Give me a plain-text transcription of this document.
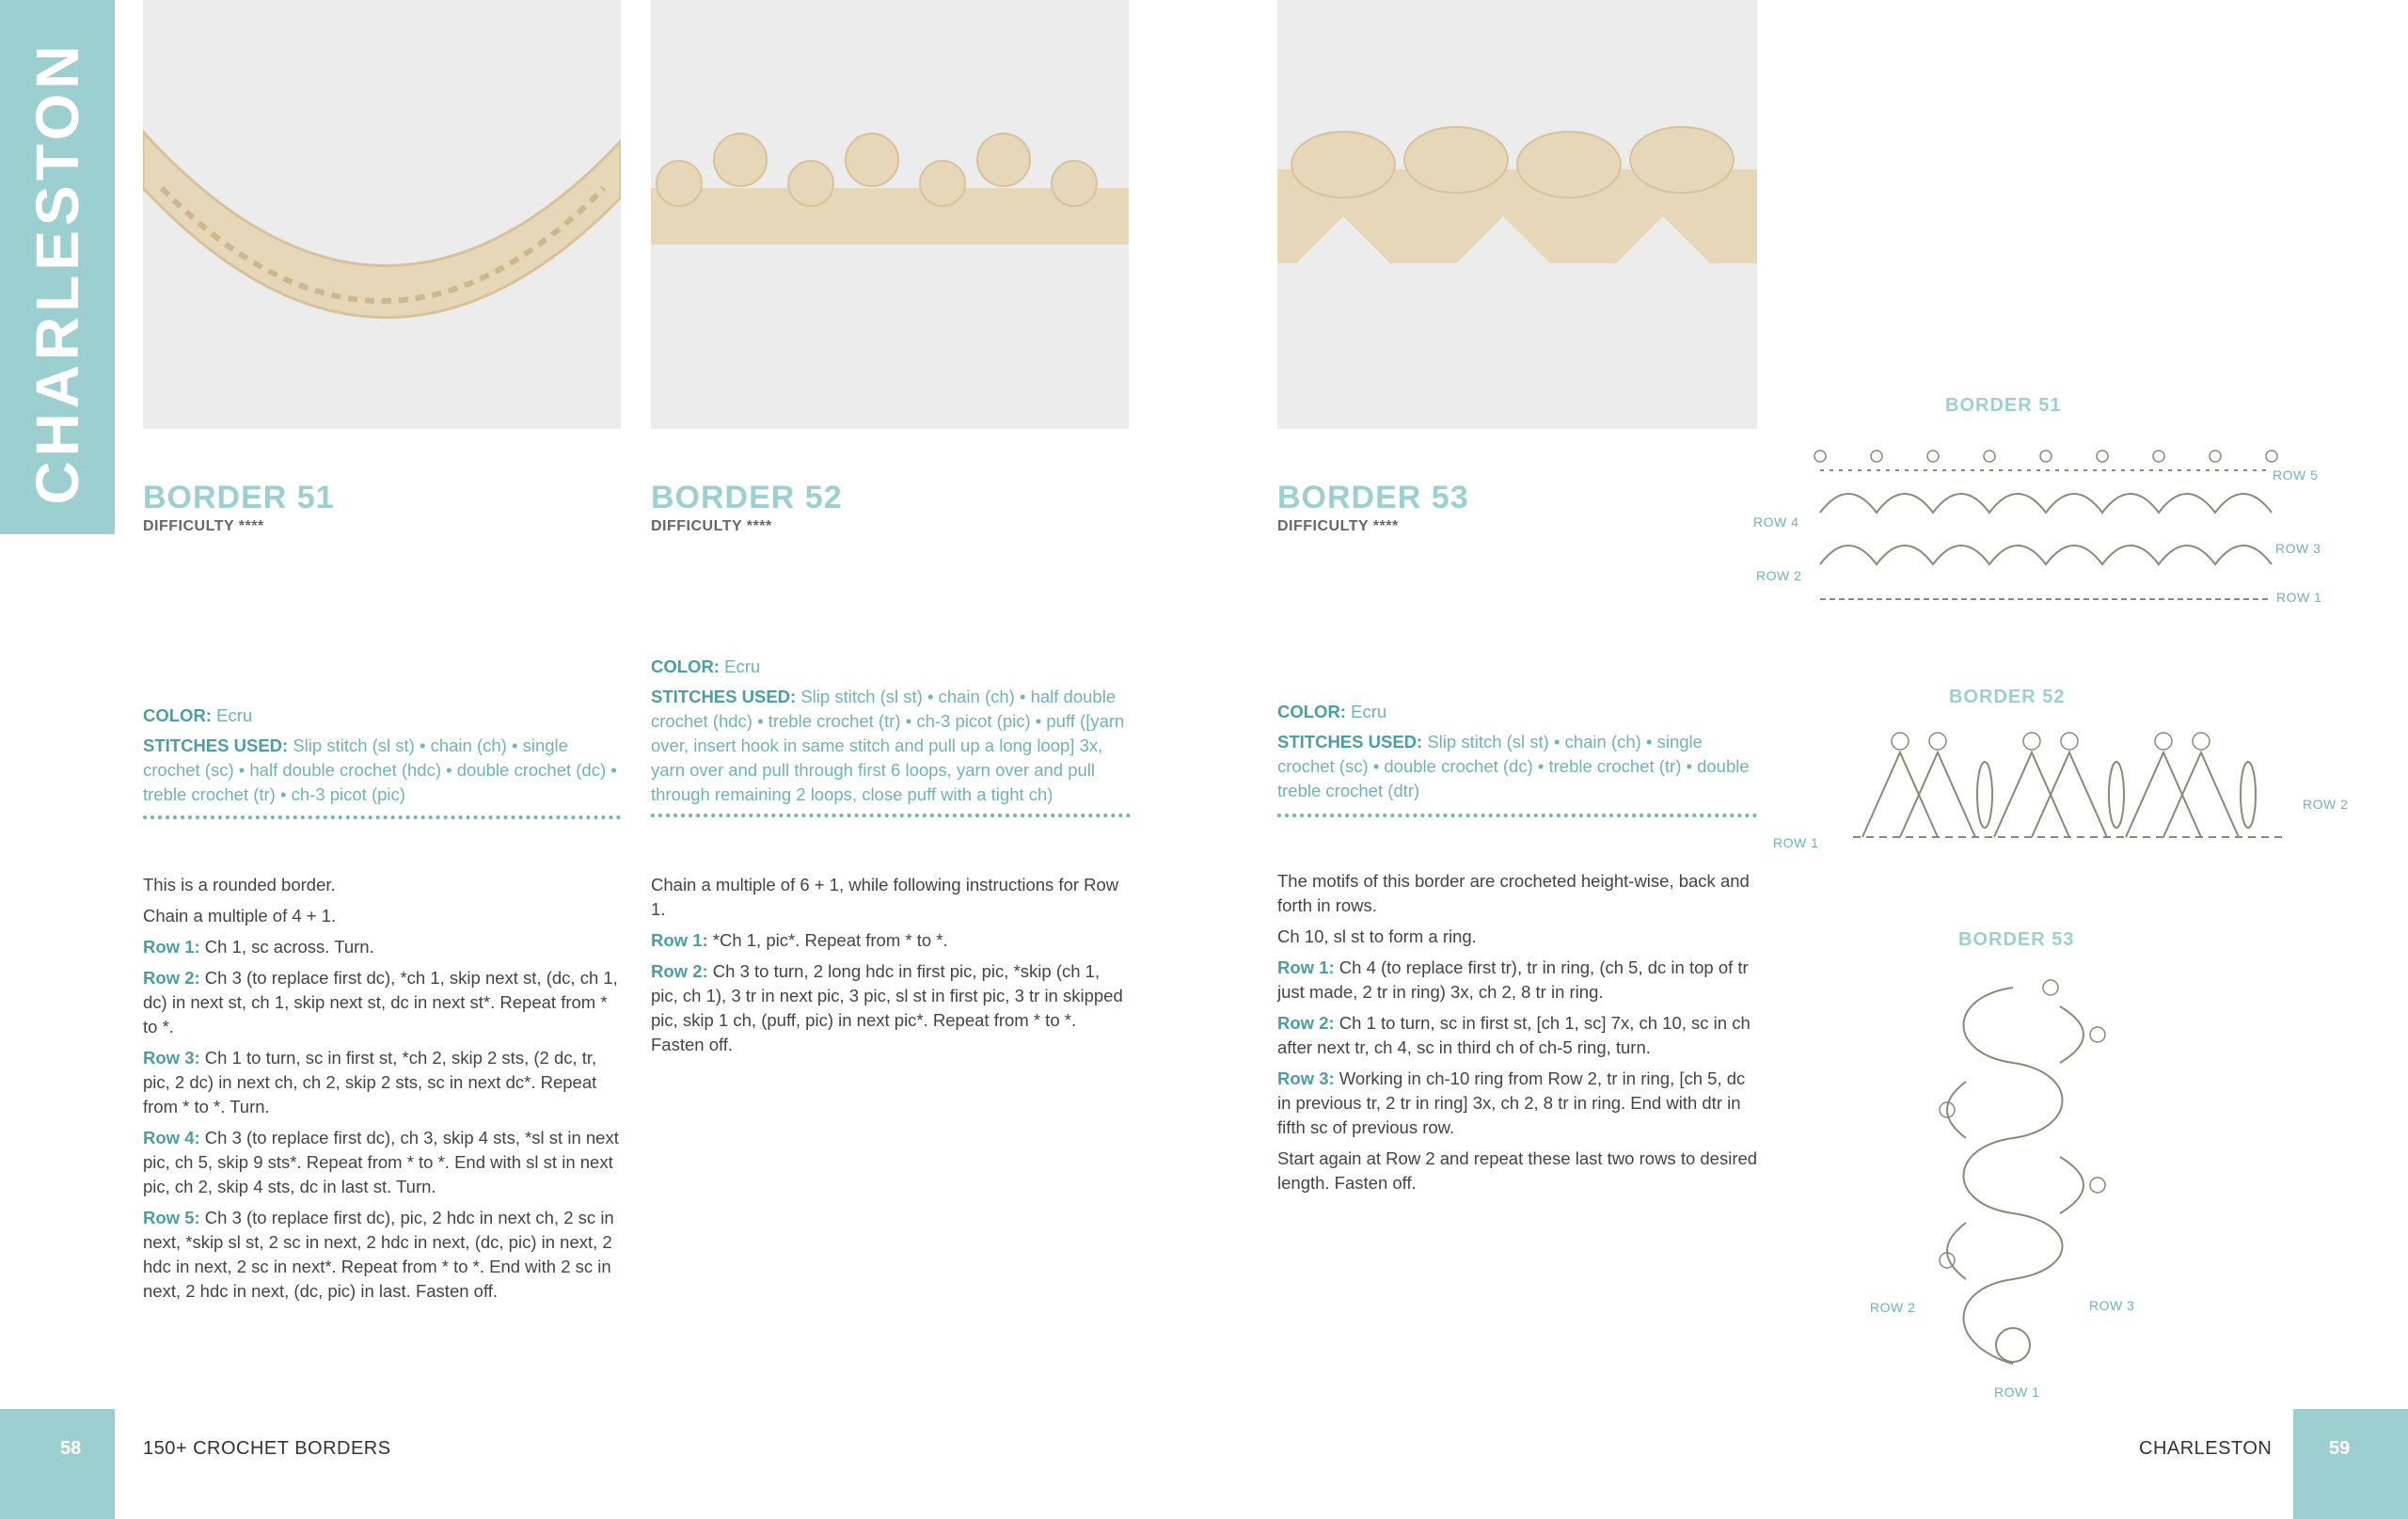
CHARLESTON BORDER 51
DIFFICULTY ****
COLOR: Ecru
STITCHES USED: Slip stitch (sl st) • chain (ch) • single crochet (sc) • half double crochet (hdc) • double crochet (dc) • treble crochet (tr) • ch-3 picot (pic)

This is a rounded border.

Chain a multiple of 4 + 1.

Row 1: Ch 1, sc across. Turn.

Row 2: Ch 3 (to replace first dc), *ch 1, skip next st, (dc, ch 1, dc) in next st, ch 1, skip next st, dc in next st*. Repeat from * to *.

Row 3: Ch 1 to turn, sc in first st, *ch 2, skip 2 sts, (2 dc, tr, pic, 2 dc) in next ch, ch 2, skip 2 sts, sc in next dc*. Repeat from * to *. Turn.

Row 4: Ch 3 (to replace first dc), ch 3, skip 4 sts, *sl st in next pic, ch 5, skip 9 sts*. Repeat from * to *. End with sl st in next pic, ch 2, skip 4 sts, dc in last st. Turn.

Row 5: Ch 3 (to replace first dc), pic, 2 hdc in next ch, 2 sc in next, *skip sl st, 2 sc in next, 2 hdc in next, (dc, pic) in next, 2 hdc in next, 2 sc in next*. Repeat from * to *. End with 2 sc in next, 2 hdc in next, (dc, pic) in last. Fasten off.

BORDER 52
DIFFICULTY ****
COLOR: Ecru
STITCHES USED: Slip stitch (sl st) • chain (ch) • half double crochet (hdc) • treble crochet (tr) • ch-3 picot (pic) • puff ([yarn over, insert hook in same stitch and pull up a long loop] 3x, yarn over and pull through first 6 loops, yarn over and pull through remaining 2 loops, close puff with a tight ch)

Chain a multiple of 6 + 1, while following instructions for Row 1.

Row 1: *Ch 1, pic*. Repeat from * to *.

Row 2: Ch 3 to turn, 2 long hdc in first pic, pic, *skip (ch 1, pic, ch 1), 3 tr in next pic, 3 pic, sl st in first pic, 3 tr in skipped pic, skip 1 ch, (puff, pic) in next pic*. Repeat from * to *. Fasten off.

BORDER 53
DIFFICULTY ****
COLOR: Ecru
STITCHES USED: Slip stitch (sl st) • chain (ch) • single crochet (sc) • double crochet (dc) • treble crochet (tr) • double treble crochet (dtr)

The motifs of this border are crocheted height-wise, back and forth in rows.

Ch 10, sl st to form a ring.

Row 1: Ch 4 (to replace first tr), tr in ring, (ch 5, dc in top of tr just made, 2 tr in ring) 3x, ch 2, 8 tr in ring.

Row 2: Ch 1 to turn, sc in first st, [ch 1, sc] 7x, ch 10, sc in ch after next tr, ch 4, sc in third ch of ch-5 ring, turn.

Row 3: Working in ch-10 ring from Row 2, tr in ring, [ch 5, dc in previous tr, 2 tr in ring] 3x, ch 2, 8 tr in ring. End with dtr in fifth sc of previous row.

Start again at Row 2 and repeat these last two rows to desired length. Fasten off.

BORDER 51
ROW 5
ROW 4
ROW 3
ROW 2
ROW 1
BORDER 52
ROW 1
ROW 2
BORDER 53
ROW 2	ROW 3
ROW 1
58	150+ CROCHET BORDERS	CHARLESTON	59
